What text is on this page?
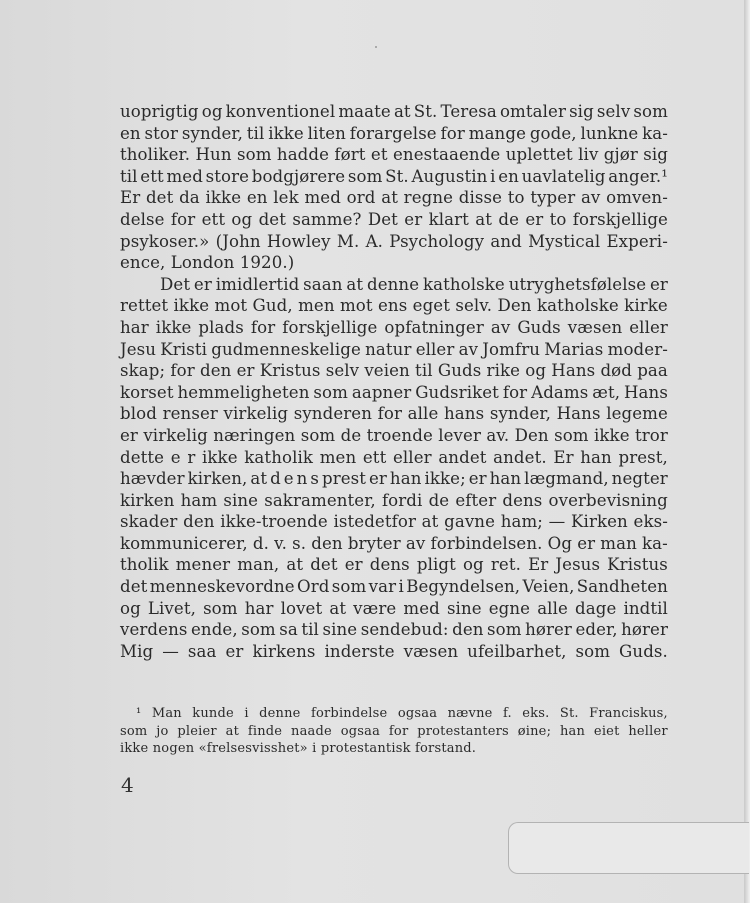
uoprigtig og konventionel maate at St. Teresa omtaler sig selv som
en stor synder, til ikke liten forargelse for mange gode, lunkne ka-
tholiker. Hun som hadde ført et enestaaende uplettet liv gjør sig
til ett med store bodgjørere som St. Augustin i en uavlatelig anger.¹
Er det da ikke en lek med ord at regne disse to typer av omven-
delse for ett og det samme? Det er klart at de er to forskjellige
psykoser.» (John Howley M. A. Psychology and Mystical Experi-
ence, London 1920.)
Det er imidlertid saan at denne katholske utryghetsfølelse er
rettet ikke mot Gud, men mot ens eget selv. Den katholske kirke
har ikke plads for forskjellige opfatninger av Guds væsen eller
Jesu Kristi gudmenneskelige natur eller av Jomfru Marias moder-
skap; for den er Kristus selv veien til Guds rike og Hans død paa
korset hemmeligheten som aapner Gudsriket for Adams æt, Hans
blod renser virkelig synderen for alle hans synder, Hans legeme
er virkelig næringen som de troende lever av. Den som ikke tror
dette e r ikke katholik men ett eller andet andet. Er han prest,
hævder kirken, at d e n s prest er han ikke; er han lægmand, negter
kirken ham sine sakramenter, fordi de efter dens overbevisning
skader den ikke-troende istedetfor at gavne ham; — Kirken eks-
kommunicerer, d. v. s. den bryter av forbindelsen. Og er man ka-
tholik mener man, at det er dens pligt og ret. Er Jesus Kristus
det menneskevordne Ord som var i Begyndelsen, Veien, Sandheten
og Livet, som har lovet at være med sine egne alle dage indtil
verdens ende, som sa til sine sendebud: den som hører eder, hører
Mig — saa er kirkens inderste væsen ufeilbarhet, som Guds.
¹ Man kunde i denne forbindelse ogsaa nævne f. eks. St. Franciskus,
som jo pleier at finde naade ogsaa for protestanters øine; han eiet heller
ikke nogen «frelsesvisshet» i protestantisk forstand.
4
